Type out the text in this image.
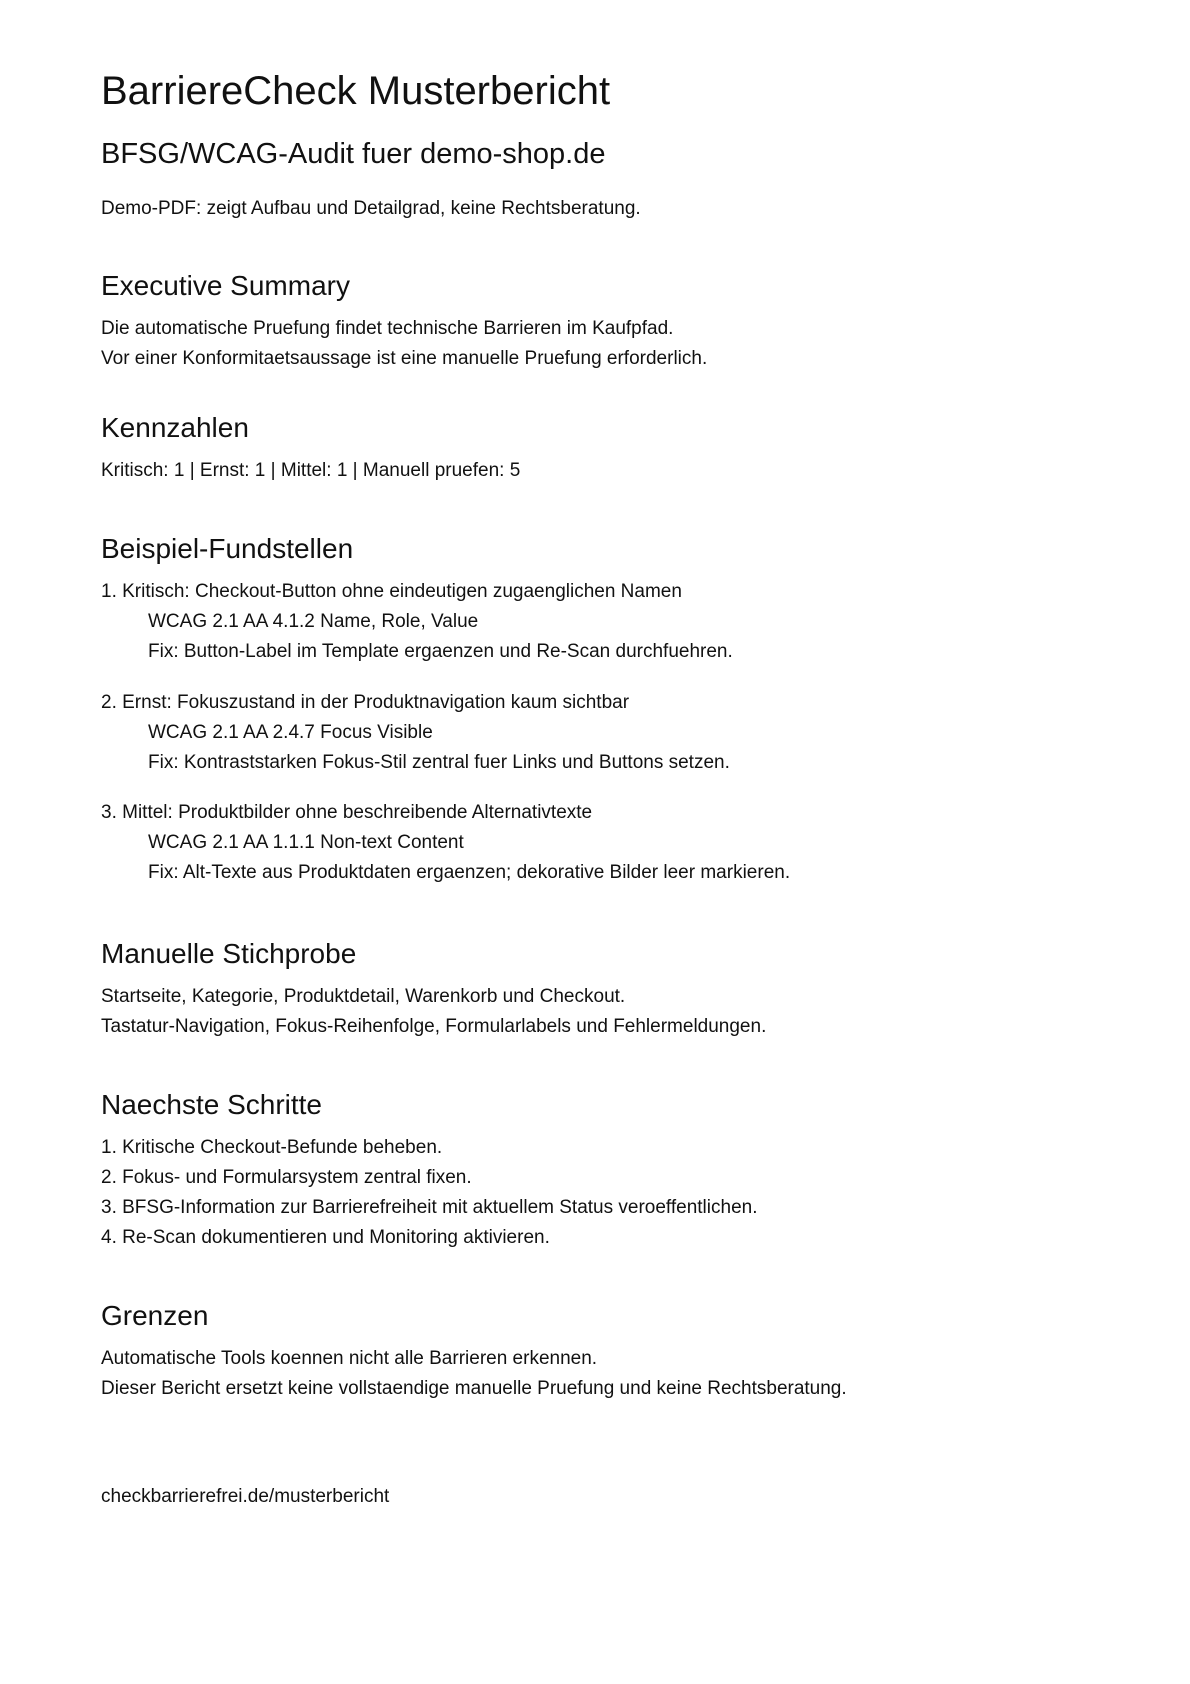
BarriereCheck Musterbericht
BFSG/WCAG-Audit fuer demo-shop.de
Demo-PDF: zeigt Aufbau und Detailgrad, keine Rechtsberatung.
Executive Summary
Die automatische Pruefung findet technische Barrieren im Kaufpfad.
Vor einer Konformitaetsaussage ist eine manuelle Pruefung erforderlich.
Kennzahlen
Kritisch: 1 | Ernst: 1 | Mittel: 1 | Manuell pruefen: 5
Beispiel-Fundstellen
1. Kritisch: Checkout-Button ohne eindeutigen zugaenglichen Namen
WCAG 2.1 AA 4.1.2 Name, Role, Value
Fix: Button-Label im Template ergaenzen und Re-Scan durchfuehren.
2. Ernst: Fokuszustand in der Produktnavigation kaum sichtbar
WCAG 2.1 AA 2.4.7 Focus Visible
Fix: Kontraststarken Fokus-Stil zentral fuer Links und Buttons setzen.
3. Mittel: Produktbilder ohne beschreibende Alternativtexte
WCAG 2.1 AA 1.1.1 Non-text Content
Fix: Alt-Texte aus Produktdaten ergaenzen; dekorative Bilder leer markieren.
Manuelle Stichprobe
Startseite, Kategorie, Produktdetail, Warenkorb und Checkout.
Tastatur-Navigation, Fokus-Reihenfolge, Formularlabels und Fehlermeldungen.
Naechste Schritte
1. Kritische Checkout-Befunde beheben.
2. Fokus- und Formularsystem zentral fixen.
3. BFSG-Information zur Barrierefreiheit mit aktuellem Status veroeffentlichen.
4. Re-Scan dokumentieren und Monitoring aktivieren.
Grenzen
Automatische Tools koennen nicht alle Barrieren erkennen.
Dieser Bericht ersetzt keine vollstaendige manuelle Pruefung und keine Rechtsberatung.
checkbarrierefrei.de/musterbericht
